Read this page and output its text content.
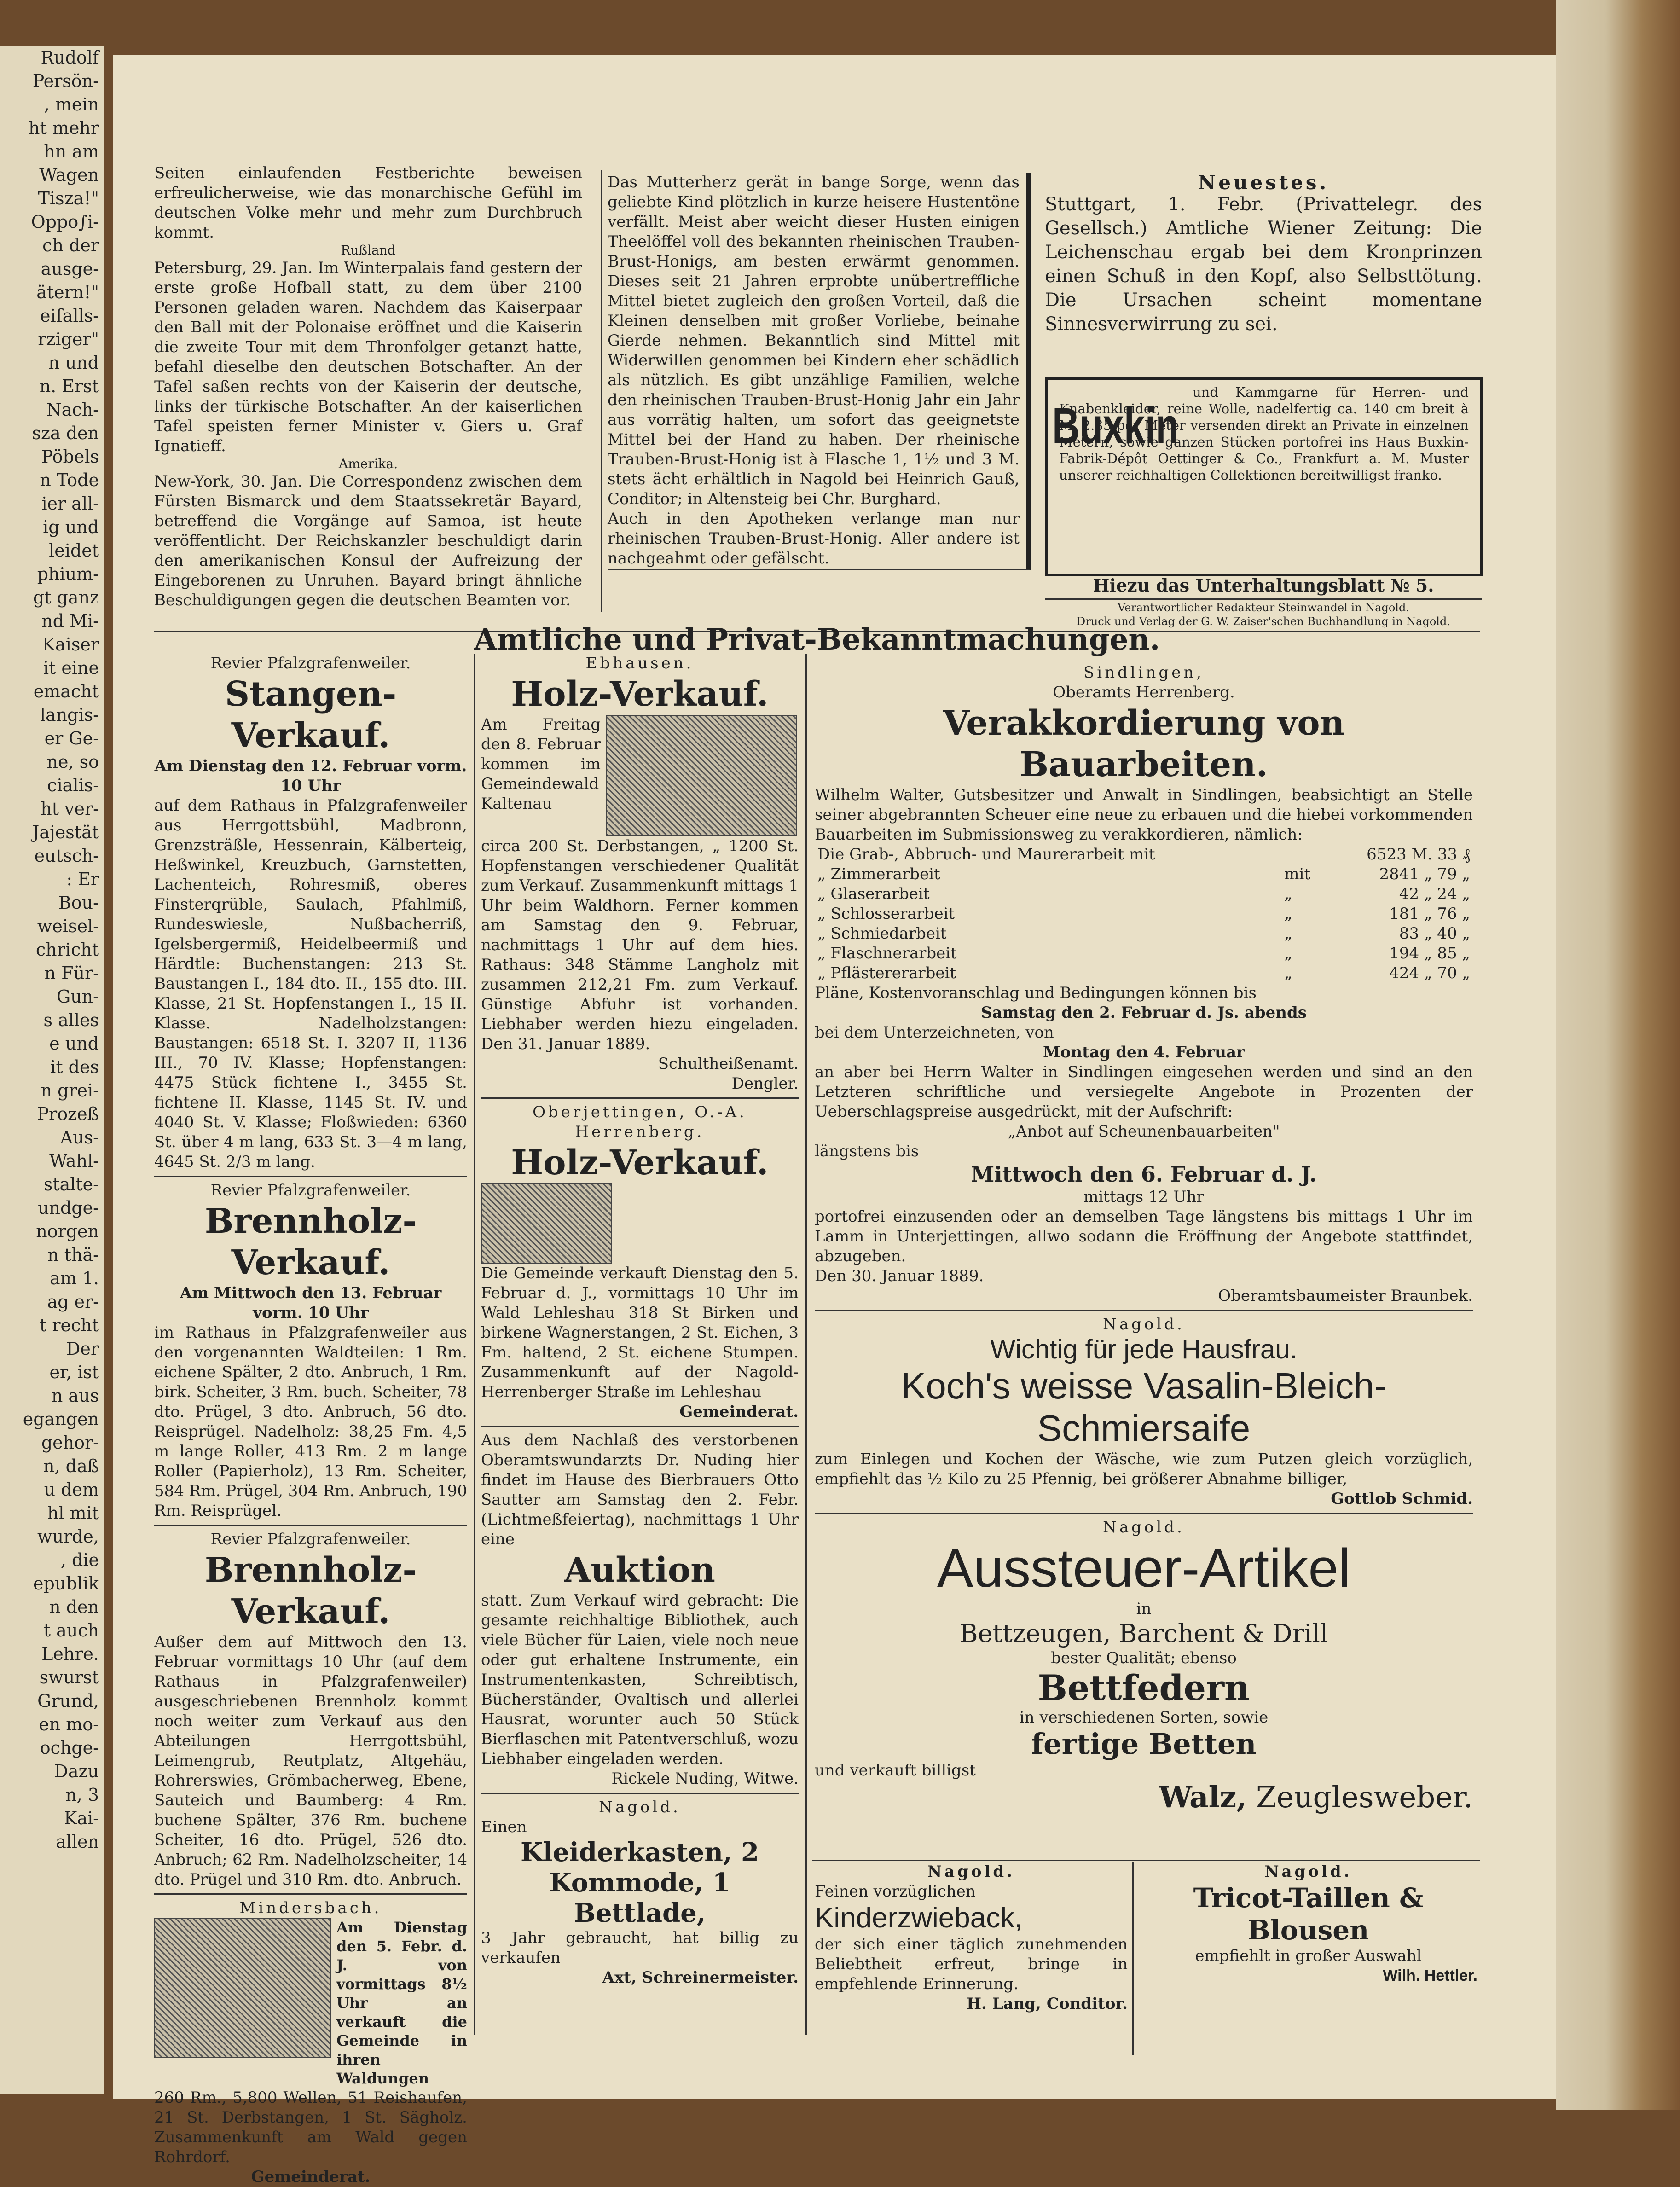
Rudolf
Persön-
, mein
ht mehr
hn am
Wagen
Tisza!"
Oppo∫i-
ch der
ausge-
ätern!"
eifalls-
rziger"
n und
n. Erst
Nach-
sza den
Pöbels
n Tode
ier all-
ig und
leidet
phium-
gt ganz
nd Mi-
Kaiser
it eine
emacht
langis-
er Ge-
ne, so
cialis-
ht ver-
Jajestät
eutsch-
: Er
Bou-
weisel-
chricht
n Für-
Gun-
s alles
e und
it des
n grei-
Prozeß
Aus-
Wahl-
stalte-
undge-
norgen
n thä-
am 1.
ag er-
t recht
Der
er, ist
n aus
egangen
gehor-
n, daß
u dem
hl mit
wurde,
, die
epublik
n den
t auch
Lehre.
swurst
Grund,
en mo-
ochge-
Dazu
n, 3
Kai-
allen
Seiten einlaufenden Festberichte beweisen erfreulicherweise, wie das monarchische Gefühl im deutschen Volke mehr und mehr zum Durchbruch kommt.
Rußland
Petersburg, 29. Jan. Im Winterpalais fand gestern der erste große Hofball statt, zu dem über 2100 Personen geladen waren. Nachdem das Kaiserpaar den Ball mit der Polonaise eröffnet und die Kaiserin die zweite Tour mit dem Thronfolger getanzt hatte, befahl dieselbe den deutschen Botschafter. An der Tafel saßen rechts von der Kaiserin der deutsche, links der türkische Botschafter. An der kaiserlichen Tafel speisten ferner Minister v. Giers u. Graf Ignatieff.
Amerika.
New-York, 30. Jan. Die Correspondenz zwischen dem Fürsten Bismarck und dem Staatssekretär Bayard, betreffend die Vorgänge auf Samoa, ist heute veröffentlicht. Der Reichskanzler beschuldigt darin den amerikanischen Konsul der Aufreizung der Eingeborenen zu Unruhen. Bayard bringt ähnliche Beschuldigungen gegen die deutschen Beamten vor.
Das Mutterherz gerät in bange Sorge, wenn das geliebte Kind plötzlich in kurze heisere Hustentöne verfällt. Meist aber weicht dieser Husten einigen Theelöffel voll des bekannten rheinischen Trauben-Brust-Honigs, am besten erwärmt genommen. Dieses seit 21 Jahren erprobte unübertreffliche Mittel bietet zugleich den großen Vorteil, daß die Kleinen denselben mit großer Vorliebe, beinahe Gierde nehmen. Bekanntlich sind Mittel mit Widerwillen genommen bei Kindern eher schädlich als nützlich. Es gibt unzählige Familien, welche den rheinischen Trauben-Brust-Honig Jahr ein Jahr aus vorrätig halten, um sofort das geeignetste Mittel bei der Hand zu haben. Der rheinische Trauben-Brust-Honig ist à Flasche 1, 1½ und 3 M. stets ächt erhältlich in Nagold bei Heinrich Gauß, Conditor; in Altensteig bei Chr. Burghard.
Auch in den Apotheken verlange man nur rheinischen Trauben-Brust-Honig. Aller andere ist nachgeahmt oder gefälscht.
Neuestes.
Stuttgart, 1. Febr. (Privattelegr. des Gesellsch.) Amtliche Wiener Zeitung: Die Leichenschau ergab bei dem Kronprinzen einen Schuß in den Kopf, also Selbsttötung. Die Ursachen scheint momentane Sinnesverwirrung zu sei.
Buxkin
und Kammgarne für Herren- und Knabenkleider, reine Wolle, nadelfertig ca. 140 cm breit à M. 2.35 per Meter versenden direkt an Private in einzelnen Metern, sowie ganzen Stücken portofrei ins Haus Buxkin-Fabrik-Dépôt Oettinger & Co., Frankfurt a. M. Muster unserer reichhaltigen Collektionen bereitwilligst franko.
Hiezu das Unterhaltungsblatt № 5.
Verantwortlicher Redakteur Steinwandel in Nagold.
Druck und Verlag der G. W. Zaiser'schen Buchhandlung in Nagold.
Amtliche und Privat-Bekanntmachungen.
Revier Pfalzgrafenweiler.
Stangen-Verkauf.
Am Dienstag den 12. Februar vorm. 10 Uhr
auf dem Rathaus in Pfalzgrafenweiler aus Herrgottsbühl, Madbronn, Grenzsträßle, Hessenrain, Kälberteig, Heßwinkel, Kreuzbuch, Garnstetten, Lachenteich, Rohresmiß, oberes Finsterqrüble, Saulach, Pfahlmiß, Rundeswiesle, Nußbacherriß, Igelsbergermiß, Heidelbeermiß und Härdtle: Buchenstangen: 213 St. Baustangen I., 184 dto. II., 155 dto. III. Klasse, 21 St. Hopfenstangen I., 15 II. Klasse. Nadelholzstangen: Baustangen: 6518 St. I. 3207 II, 1136 III., 70 IV. Klasse; Hopfenstangen: 4475 Stück fichtene I., 3455 St. fichtene II. Klasse, 1145 St. IV. und 4040 St. V. Klasse; Floßwieden: 6360 St. über 4 m lang, 633 St. 3—4 m lang, 4645 St. 2/3 m lang.
Revier Pfalzgrafenweiler.
Brennholz-Verkauf.
Am Mittwoch den 13. Februar vorm. 10 Uhr
im Rathaus in Pfalzgrafenweiler aus den vorgenannten Waldteilen: 1 Rm. eichene Spälter, 2 dto. Anbruch, 1 Rm. birk. Scheiter, 3 Rm. buch. Scheiter, 78 dto. Prügel, 3 dto. Anbruch, 56 dto. Reisprügel. Nadelholz: 38,25 Fm. 4,5 m lange Roller, 413 Rm. 2 m lange Roller (Papierholz), 13 Rm. Scheiter, 584 Rm. Prügel, 304 Rm. Anbruch, 190 Rm. Reisprügel.
Revier Pfalzgrafenweiler.
Brennholz-Verkauf.
Außer dem auf Mittwoch den 13. Februar vormittags 10 Uhr (auf dem Rathaus in Pfalzgrafenweiler) ausgeschriebenen Brennholz kommt noch weiter zum Verkauf aus den Abteilungen Herrgottsbühl, Leimengrub, Reutplatz, Altgehäu, Rohrerswies, Grömbacherweg, Ebene, Sauteich und Baumberg: 4 Rm. buchene Spälter, 376 Rm. buchene Scheiter, 16 dto. Prügel, 526 dto. Anbruch; 62 Rm. Nadelholzscheiter, 14 dto. Prügel und 310 Rm. dto. Anbruch.
Mindersbach.
Am Dienstag den 5. Febr. d. J. von vormittags 8½ Uhr an verkauft die Gemeinde in ihren Waldungen
260 Rm., 5,800 Wellen, 51 Reishaufen, 21 St. Derbstangen, 1 St. Sägholz. Zusammenkunft am Wald gegen Rohrdorf.
Gemeinderat.
Ebhausen.
Holz-Verkauf.
Am Freitag den 8. Februar kommen im Gemeindewald Kaltenau
circa 200 St. Derbstangen, „ 1200 St. Hopfenstangen verschiedener Qualität zum Verkauf. Zusammenkunft mittags 1 Uhr beim Waldhorn. Ferner kommen am Samstag den 9. Februar, nachmittags 1 Uhr auf dem hies. Rathaus: 348 Stämme Langholz mit zusammen 212,21 Fm. zum Verkauf. Günstige Abfuhr ist vorhanden. Liebhaber werden hiezu eingeladen. Den 31. Januar 1889.
Schultheißenamt.
Dengler.
Oberjettingen, O.-A. Herrenberg.
Holz-Verkauf.
Die Gemeinde verkauft Dienstag den 5. Februar d. J., vormittags 10 Uhr im Wald Lehleshau 318 St Birken und birkene Wagnerstangen, 2 St. Eichen, 3 Fm. haltend, 2 St. eichene Stumpen. Zusammenkunft auf der Nagold-Herrenberger Straße im Lehleshau
Gemeinderat.
Aus dem Nachlaß des verstorbenen Oberamtswundarzts Dr. Nuding hier findet im Hause des Bierbrauers Otto Sautter am Samstag den 2. Febr. (Lichtmeßfeiertag), nachmittags 1 Uhr eine
Auktion
statt. Zum Verkauf wird gebracht: Die gesamte reichhaltige Bibliothek, auch viele Bücher für Laien, viele noch neue oder gut erhaltene Instrumente, ein Instrumentenkasten, Schreibtisch, Bücherständer, Ovaltisch und allerlei Hausrat, worunter auch 50 Stück Bierflaschen mit Patentverschluß, wozu Liebhaber eingeladen werden.
Rickele Nuding, Witwe.
Nagold.
Einen
Kleiderkasten, 2 Kommode, 1 Bettlade,
3 Jahr gebraucht, hat billig zu verkaufen
Axt, Schreinermeister.
Sindlingen,
Oberamts Herrenberg.
Verakkordierung von Bauarbeiten.
Wilhelm Walter, Gutsbesitzer und Anwalt in Sindlingen, beabsichtigt an Stelle seiner abgebrannten Scheuer eine neue zu erbauen und die hiebei vorkommenden Bauarbeiten im Submissionsweg zu verakkordieren, nämlich:
Die Grab-, Abbruch- und Maurerarbeit mit		6523 M. 33 ₰
„ Zimmerarbeit	mit	2841 „ 79 „
„ Glaserarbeit	„	42 „ 24 „
„ Schlosserarbeit	„	181 „ 76 „
„ Schmiedarbeit	„	83 „ 40 „
„ Flaschnerarbeit	„	194 „ 85 „
„ Pflästererarbeit	„	424 „ 70 „
Pläne, Kostenvoranschlag und Bedingungen können bis
Samstag den 2. Februar d. Js. abends
bei dem Unterzeichneten, von
Montag den 4. Februar
an aber bei Herrn Walter in Sindlingen eingesehen werden und sind an den Letzteren schriftliche und versiegelte Angebote in Prozenten der Ueberschlagspreise ausgedrückt, mit der Aufschrift:
„Anbot auf Scheunenbauarbeiten"
längstens bis
Mittwoch den 6. Februar d. J.
mittags 12 Uhr
portofrei einzusenden oder an demselben Tage längstens bis mittags 1 Uhr im Lamm in Unterjettingen, allwo sodann die Eröffnung der Angebote stattfindet, abzugeben.
Den 30. Januar 1889.
Oberamtsbaumeister Braunbek.
Nagold.
Wichtig für jede Hausfrau.
Koch's weisse Vasalin-Bleich-Schmiersaife
zum Einlegen und Kochen der Wäsche, wie zum Putzen gleich vorzüglich, empfiehlt das ½ Kilo zu 25 Pfennig, bei größerer Abnahme billiger,
Gottlob Schmid.
Nagold.
Aussteuer-Artikel
in
Bettzeugen, Barchent & Drill
bester Qualität; ebenso
Bettfedern
in verschiedenen Sorten, sowie
fertige Betten
und verkauft billigst
Walz, Zeuglesweber.
Nagold.
Feinen vorzüglichen
Kinderzwieback,
der sich einer täglich zunehmenden Beliebtheit erfreut, bringe in empfehlende Erinnerung.
H. Lang, Conditor.
Nagold.
Tricot-Taillen &
Blousen
empfiehlt in großer Auswahl
Wilh. Hettler.
